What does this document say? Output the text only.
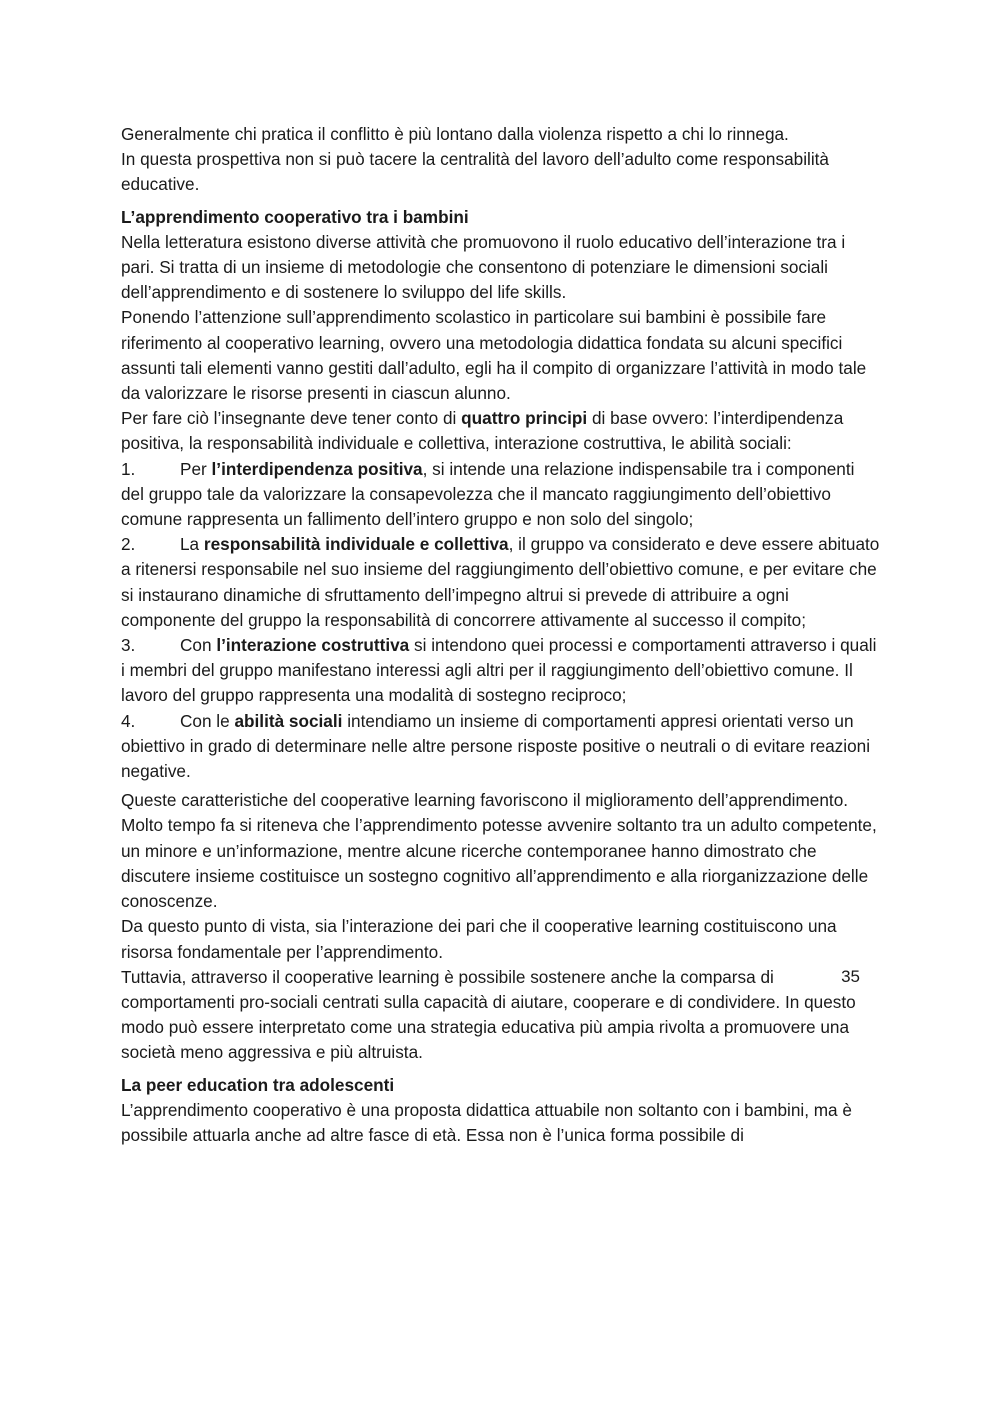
Generalmente chi pratica il conflitto è più lontano dalla violenza rispetto a chi lo rinnega.

In questa prospettiva non si può tacere la centralità del lavoro dell’adulto come responsabilità educative.

L’apprendimento cooperativo tra i bambini

Nella letteratura esistono diverse attività che promuovono il ruolo educativo dell’interazione tra i pari. Si tratta di un insieme di metodologie che consentono di potenziare le dimensioni sociali dell’apprendimento e di sostenere lo sviluppo del life skills.

Ponendo l’attenzione sull’apprendimento scolastico in particolare sui bambini è possibile fare riferimento al cooperativo learning, ovvero una metodologia didattica fondata su alcuni specifici assunti tali elementi vanno gestiti dall’adulto, egli ha il compito di organizzare l’attività in modo tale da valorizzare le risorse presenti in ciascun alunno.

Per fare ciò l’insegnante deve tener conto di quattro principi di base ovvero: l’interdipendenza positiva, la responsabilità individuale e collettiva, interazione costruttiva, le abilità sociali:

1.	Per l’interdipendenza positiva, si intende una relazione indispensabile tra i componenti del gruppo tale da valorizzare la consapevolezza che il mancato raggiungimento dell’obiettivo comune rappresenta un fallimento dell’intero gruppo e non solo del singolo;

2.	La responsabilità individuale e collettiva, il gruppo va considerato e deve essere abituato a ritenersi responsabile nel suo insieme del raggiungimento dell’obiettivo comune, e per evitare che si instaurano dinamiche di sfruttamento dell’impegno altrui si prevede di attribuire a ogni componente del gruppo la responsabilità di concorrere attivamente al successo il compito;

3.	Con l’interazione costruttiva si intendono quei processi e comportamenti attraverso i quali i membri del gruppo manifestano interessi agli altri per il raggiungimento dell’obiettivo comune. Il lavoro del gruppo rappresenta una modalità di sostegno reciproco;

4.	Con le abilità sociali intendiamo un insieme di comportamenti appresi orientati verso un obiettivo in grado di determinare nelle altre persone risposte positive o neutrali o di evitare reazioni negative.

Queste caratteristiche del cooperative learning favoriscono il miglioramento dell’apprendimento. Molto tempo fa si riteneva che l’apprendimento potesse avvenire soltanto tra un adulto competente, un minore e un’informazione, mentre alcune ricerche contemporanee hanno dimostrato che discutere insieme costituisce un sostegno cognitivo all’apprendimento e alla riorganizzazione delle conoscenze.

Da questo punto di vista, sia l’interazione dei pari che il cooperative learning costituiscono una risorsa fondamentale per l’apprendimento.

Tuttavia, attraverso il cooperative learning è possibile sostenere anche la comparsa di comportamenti pro-sociali centrati sulla capacità di aiutare, cooperare e di condividere. In questo modo può essere interpretato come una strategia educativa più ampia rivolta a promuovere una società meno aggressiva e più altruista.

La peer education tra adolescenti

L’apprendimento cooperativo è una proposta didattica attuabile non soltanto con i bambini, ma è possibile attuarla anche ad altre fasce di età. Essa non è l’unica forma possibile di

35
